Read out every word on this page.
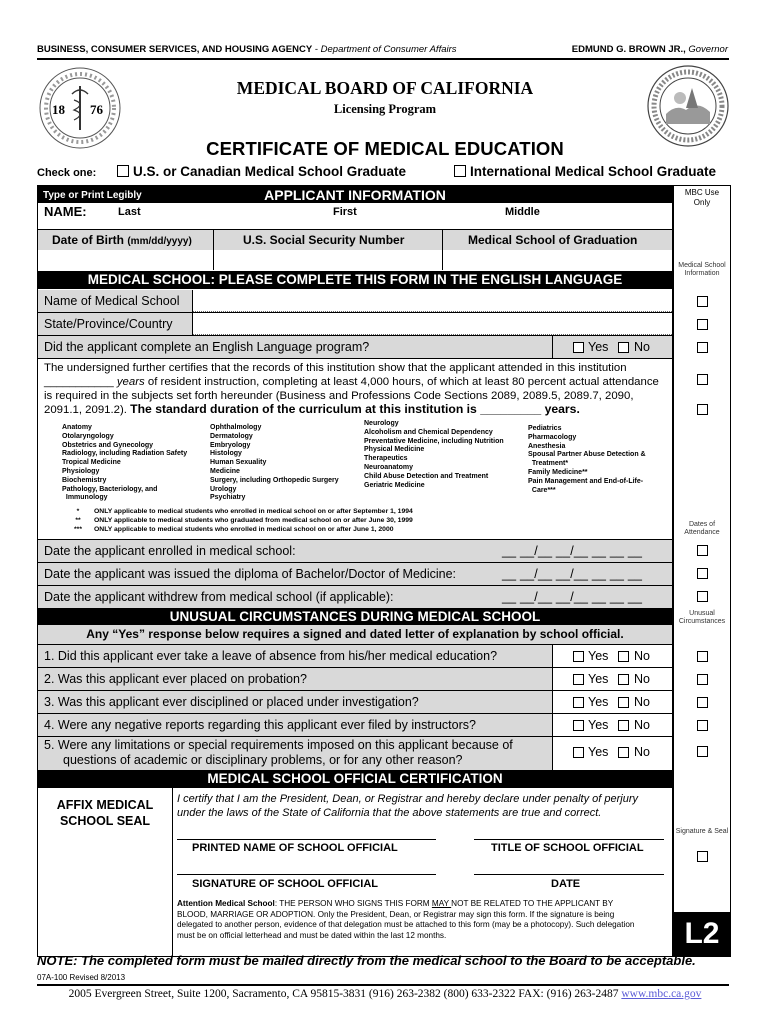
BUSINESS, CONSUMER SERVICES, AND HOUSING AGENCY - Department of Consumer Affairs	EDMUND G. BROWN JR., Governor
18 76
MEDICAL BOARD OF CALIFORNIA
Licensing Program
CERTIFICATE OF MEDICAL EDUCATION
Check one:	U.S. or Canadian Medical School Graduate	International Medical School Graduate
Type or Print Legibly	APPLICANT INFORMATION	MBC Use Only
NAME:	Last	First	Middle
Date of Birth (mm/dd/yyyy)	U.S. Social Security Number	Medical School of Graduation
MEDICAL SCHOOL: PLEASE COMPLETE THIS FORM IN THE ENGLISH LANGUAGE
Medical School Information
Name of Medical School
State/Province/Country
Did the applicant complete an English Language program?	Yes No
The undersigned further certifies that the records of this institution show that the applicant attended in this institution
___________ years of resident instruction, completing at least 4,000 hours, of which at least 80 percent actual attendance
is required in the subjects set forth hereunder (Business and Professions Code Sections 2089, 2089.5, 2089.7, 2090,
2091.1, 2091.2). The standard duration of the curriculum at this institution is _________ years.
Anatomy
Otolaryngology
Obstetrics and Gynecology
Radiology, including Radiation Safety
Tropical Medicine
Physiology
Biochemistry
Pathology, Bacteriology, and
Immunology
Ophthalmology
Dermatology
Embryology
Histology
Human Sexuality
Medicine
Surgery, including Orthopedic Surgery
Urology
Psychiatry
Neurology
Alcoholism and Chemical Dependency
Preventative Medicine, including Nutrition
Physical Medicine
Therapeutics
Neuroanatomy
Child Abuse Detection and Treatment
Geriatric Medicine
Pediatrics
Pharmacology
Anesthesia
Spousal Partner Abuse Detection &
Treatment*
Family Medicine**
Pain Management and End-of-Life-
Care***
* ONLY applicable to medical students who enrolled in medical school on or after September 1, 1994
** ONLY applicable to medical students who graduated from medical school on or after June 30, 1999
*** ONLY applicable to medical students who enrolled in medical school on or after June 1, 2000
Dates of Attendance
Date the applicant enrolled in medical school:	__ __/__ __/__ __ __ __
Date the applicant was issued the diploma of Bachelor/Doctor of Medicine:	__ __/__ __/__ __ __ __
Date the applicant withdrew from medical school (if applicable):	__ __/__ __/__ __ __ __
UNUSUAL CIRCUMSTANCES DURING MEDICAL SCHOOL	Unusual Circumstances
Any “Yes” response below requires a signed and dated letter of explanation by school official.
1. Did this applicant ever take a leave of absence from his/her medical education?	Yes No
2. Was this applicant ever placed on probation?	Yes No
3. Was this applicant ever disciplined or placed under investigation?	Yes No
4. Were any negative reports regarding this applicant ever filed by instructors?	Yes No
5. Were any limitations or special requirements imposed on this applicant because of
questions of academic or disciplinary problems, or for any other reason?
Yes No
MEDICAL SCHOOL OFFICIAL CERTIFICATION
AFFIX MEDICAL
SCHOOL SEAL
I certify that I am the President, Dean, or Registrar and hereby declare under penalty of perjury
under the laws of the State of California that the above statements are true and correct.
PRINTED NAME OF SCHOOL OFFICIAL	TITLE OF SCHOOL OFFICIAL
SIGNATURE OF SCHOOL OFFICIAL	DATE
Attention Medical School: THE PERSON WHO SIGNS THIS FORM MAY NOT BE RELATED TO THE APPLICANT BY
BLOOD, MARRIAGE OR ADOPTION. Only the President, Dean, or Registrar may sign this form. If the signature is being
delegated to another person, evidence of that delegation must be attached to this form (may be a photocopy). Such delegation
must be on official letterhead and must be dated within the last 12 months.
Signature & Seal
L2
NOTE: The completed form must be mailed directly from the medical school to the Board to be acceptable.
07A-100 Revised 8/2013
2005 Evergreen Street, Suite 1200, Sacramento, CA 95815-3831 (916) 263-2382 (800) 633-2322 FAX: (916) 263-2487 www.mbc.ca.gov
